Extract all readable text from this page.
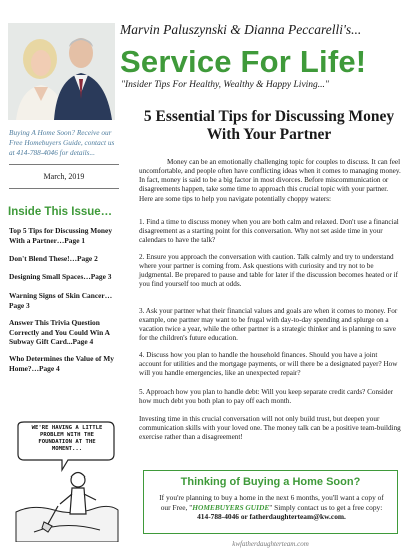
Marvin Paluszynski & Dianna Peccarelli's...
Service For Life!
"Insider Tips For Healthy, Wealthy & Happy Living..."
Buying A Home Soon? Receive our Free Homebuyers Guide, contact us at 414-788-4046 for details...
March, 2019
Inside This Issue…
Top 5 Tips for Discussing Money With a Partner…Page 1
Don't Blend These!…Page 2
Designing Small Spaces…Page 3
Warning Signs of Skin Cancer…Page 3
Answer This Trivia Question Correctly and You Could Win A Subway Gift Card...Page 4
Who Determines the Value of My Home?…Page 4
WE'RE HAVING A LITTLE PROBLEM WITH THE FOUNDATION AT THE MOMENT...
5 Essential Tips for Discussing Money With Your Partner
Money can be an emotionally challenging topic for couples to discuss. It can feel uncomfortable, and people often have conflicting ideas when it comes to managing money. In fact, money is said to be a big factor in most divorces. Before miscommunication or disagreements happen, take some time to approach this crucial topic with your partner. Here are some tips to help you navigate potentially choppy waters:
1. Find a time to discuss money when you are both calm and relaxed. Don't use a financial disagreement as a starting point for this conversation. Why not set aside time in your calendars to have the talk?
2. Ensure you approach the conversation with caution. Talk calmly and try to understand where your partner is coming from. Ask questions with curiosity and try not to be judgmental. Be prepared to pause and table for later if the discussion becomes heated or if you find yourself too much at odds.
3. Ask your partner what their financial values and goals are when it comes to money. For example, one partner may want to be frugal with day-to-day spending and splurge on a vacation twice a year, while the other partner is a strategic thinker and is planning to save for the children's future education.
4. Discuss how you plan to handle the household finances. Should you have a joint account for utilities and the mortgage payments, or will there be a designated payer? How will you handle emergencies, like an unexpected repair?
5. Approach how you plan to handle debt: Will you keep separate credit cards? Consider how much debt you both plan to pay off each month.
Investing time in this crucial conversation will not only build trust, but deepen your communication skills with your loved one. The money talk can be a positive team-building exercise rather than a disagreement!
Thinking of Buying a Home Soon?
If you're planning to buy a home in the next 6 months, you'll want a copy of our Free, "HOMEBUYERS GUIDE" Simply contact us to get a free copy: 414-788-4046 or fatherdaughterteam@kw.com.
kwfatherdaughterteam.com
